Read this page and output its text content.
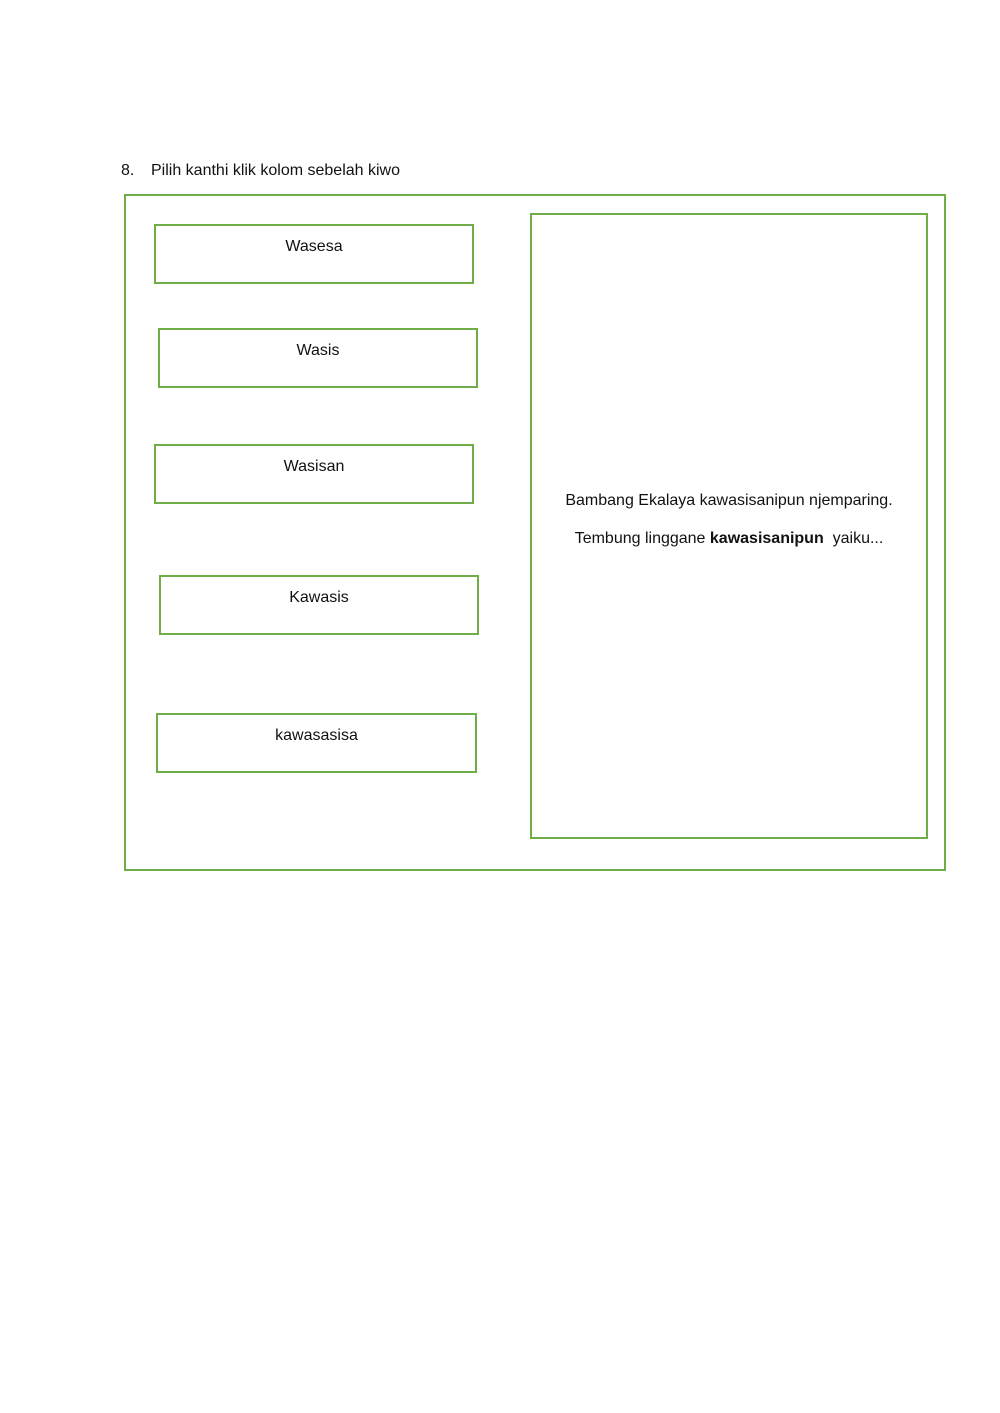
8. Pilih kanthi klik kolom sebelah kiwo
Wasesa
Wasis
Wasisan
Kawasis
kawasasisa
Bambang Ekalaya kawasisanipun njemparing.
Tembung linggane kawasisanipun  yaiku...
